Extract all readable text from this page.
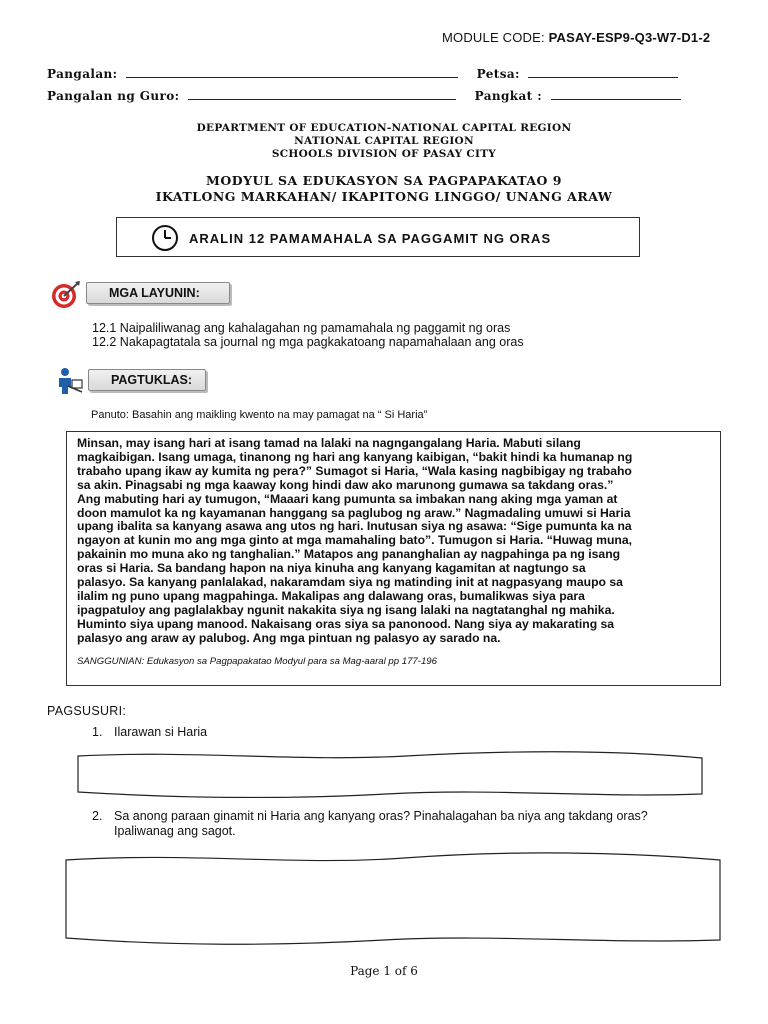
MODULE CODE: PASAY-ESP9-Q3-W7-D1-2
Pangalan:	Petsa:
Pangalan ng Guro:	Pangkat :
DEPARTMENT OF EDUCATION-NATIONAL CAPITAL REGION
NATIONAL CAPITAL REGION
SCHOOLS DIVISION OF PASAY CITY
MODYUL SA EDUKASYON SA PAGPAPAKATAO 9
IKATLONG MARKAHAN/ IKAPITONG LINGGO/ UNANG ARAW
ARALIN 12 PAMAMAHALA SA PAGGAMIT NG ORAS
MGA LAYUNIN:
12.1 Naipaliliwanag ang kahalagahan ng pamamahala ng paggamit ng oras
12.2 Nakapagtatala sa journal ng mga pagkakatoang napamahalaan ang oras
PAGTUKLAS:
Panuto: Basahin ang maikling kwento na may pamagat na “ Si Haria”
Minsan, may isang hari at isang tamad na lalaki na nagngangalang Haria. Mabuti silang
magkaibigan. Isang umaga, tinanong ng hari ang kanyang kaibigan, “bakit hindi ka humanap ng
trabaho upang ikaw ay kumita ng pera?” Sumagot si Haria, “Wala kasing nagbibigay ng trabaho
sa akin. Pinagsabi ng mga kaaway kong hindi daw ako marunong gumawa sa takdang oras.”
Ang mabuting hari ay tumugon, “Maaari kang pumunta sa imbakan nang aking mga yaman at
doon mamulot ka ng kayamanan hanggang sa paglubog ng araw.” Nagmadaling umuwi si Haria
upang ibalita sa kanyang asawa ang utos ng hari. Inutusan siya ng asawa: “Sige pumunta ka na
ngayon at kunin mo ang mga ginto at mga mamahaling bato”. Tumugon si Haria. “Huwag muna,
pakainin mo muna ako ng tanghalian.” Matapos ang pananghalian ay nagpahinga pa ng isang
oras si Haria. Sa bandang hapon na niya kinuha ang kanyang kagamitan at nagtungo sa
palasyo. Sa kanyang panlalakad, nakaramdam siya ng matinding init at nagpasyang maupo sa
ilalim ng puno upang magpahinga. Makalipas ang dalawang oras, bumalikwas siya para
ipagpatuloy ang paglalakbay ngunit nakakita siya ng isang lalaki na nagtatanghal ng mahika.
Huminto siya upang manood. Nakaisang oras siya sa panonood. Nang siya ay makarating sa
palasyo ang araw ay palubog. Ang mga pintuan ng palasyo ay sarado na.
SANGGUNIAN: Edukasyon sa Pagpapakatao Modyul para sa Mag-aaral pp 177-196
PAGSUSURI:
1. Ilarawan si Haria
2. Sa anong paraan ginamit ni Haria ang kanyang oras? Pinahalagahan ba niya ang takdang oras?
Ipaliwanag ang sagot.
Page 1 of 6
